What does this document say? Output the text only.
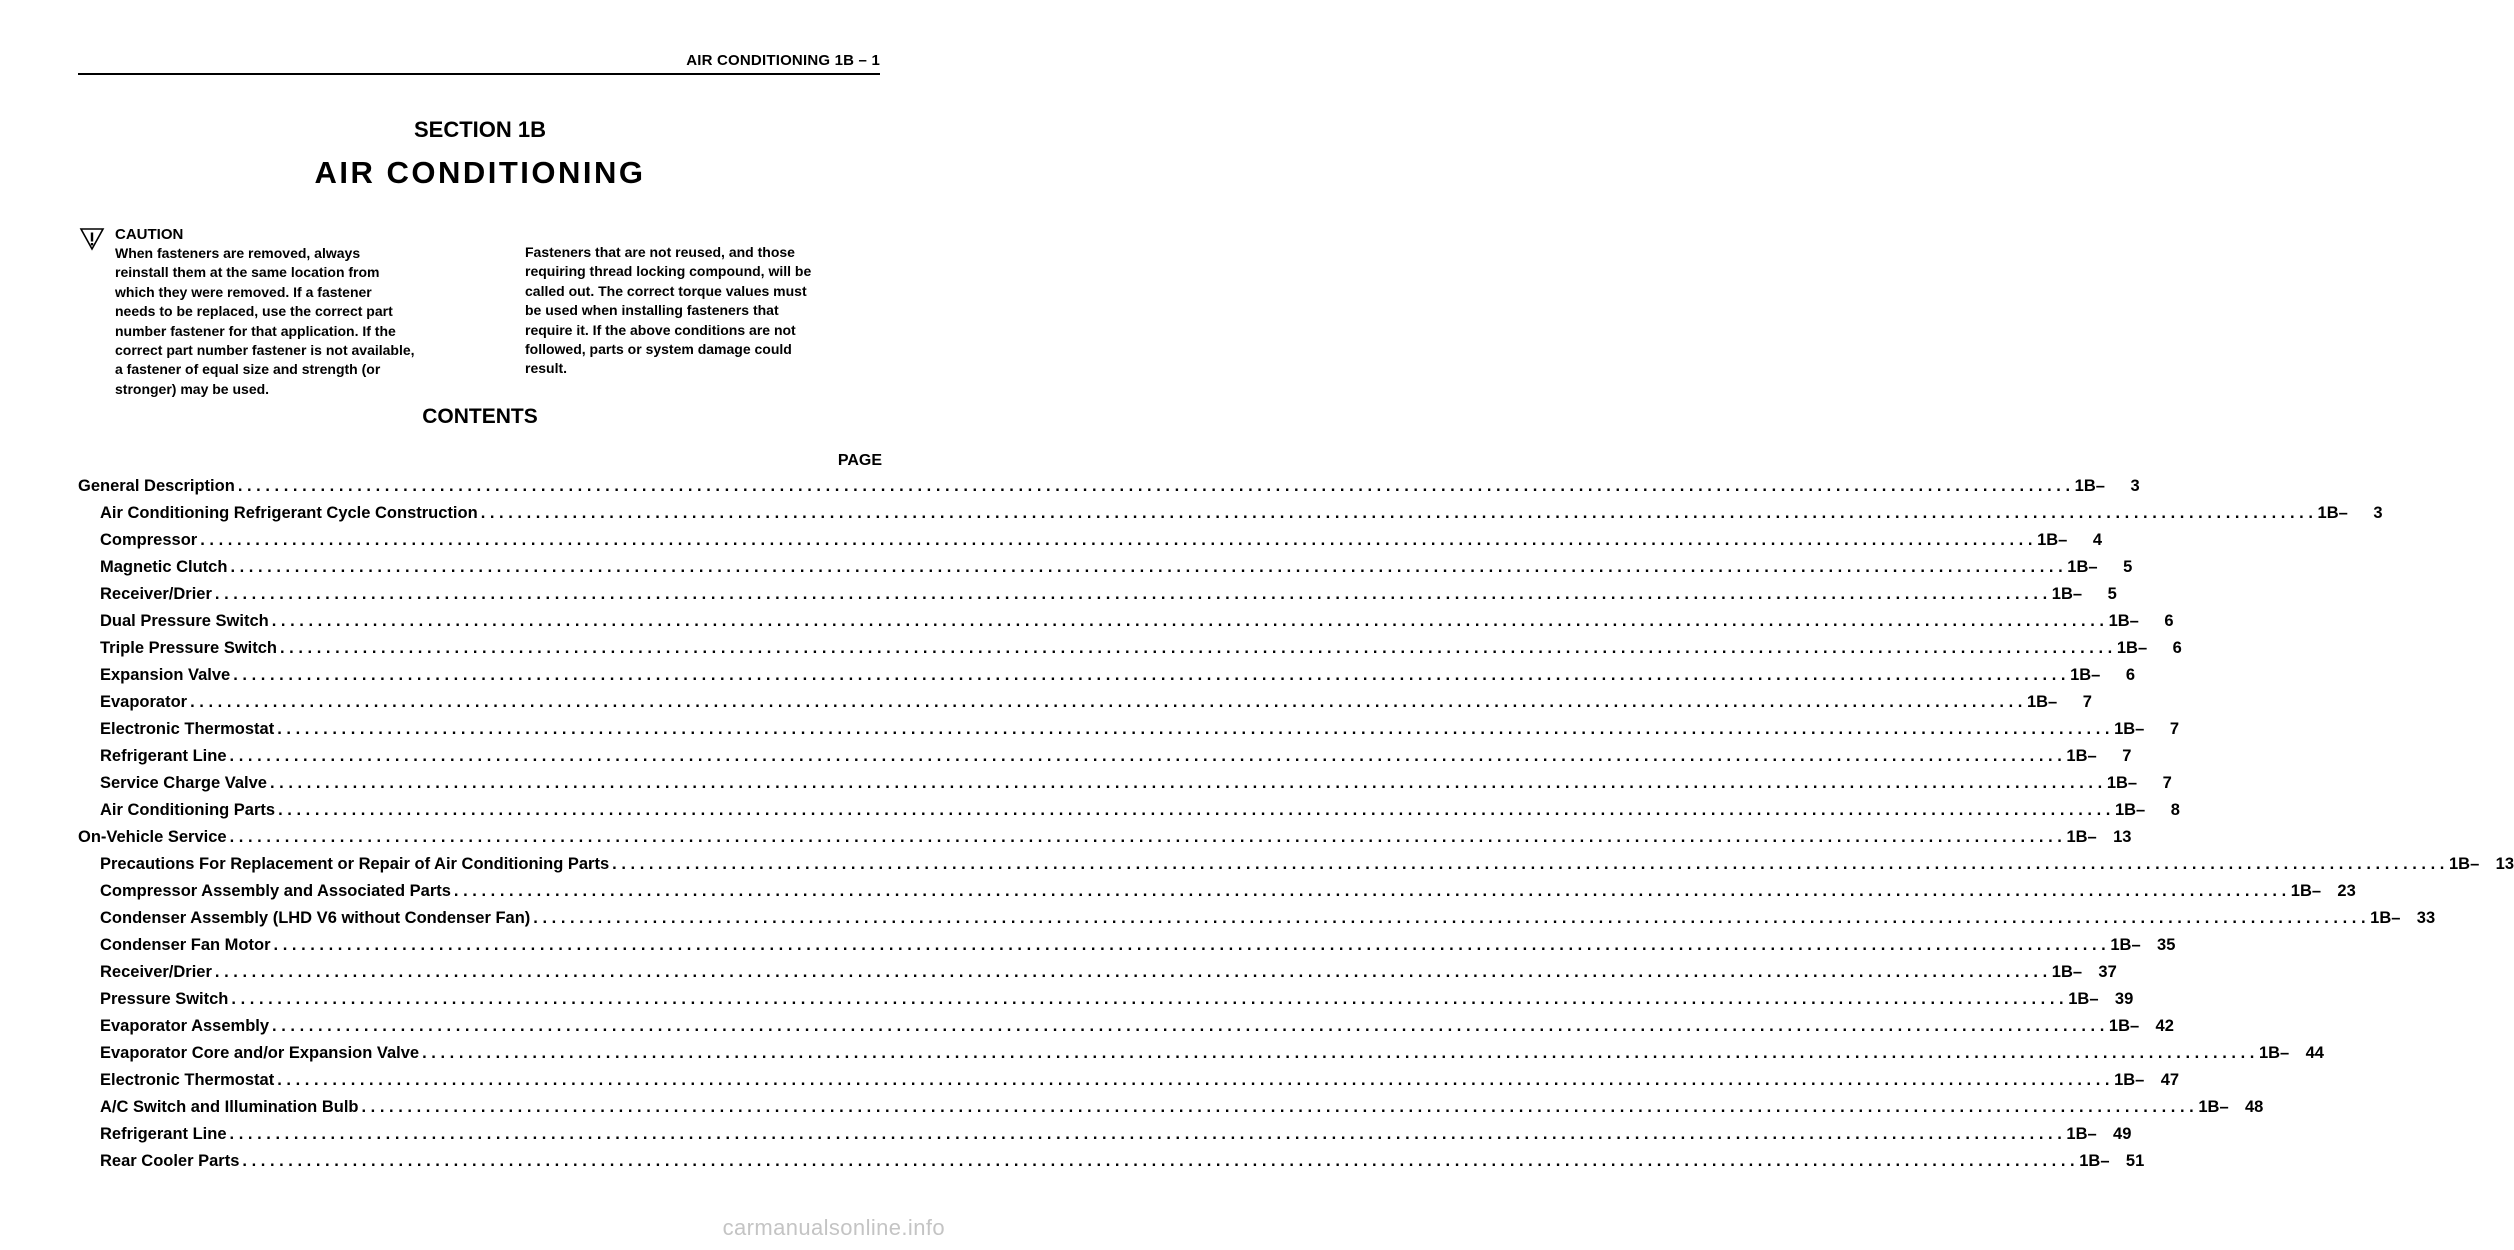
AIR CONDITIONING 1B – 1
SECTION 1B
AIR CONDITIONING
CAUTION
When fasteners are removed, always
reinstall them at the same location from
which they were removed. If a fastener
needs to be replaced, use the correct part
number fastener for that application. If the
correct part number fastener is not available,
a fastener of equal size and strength (or
stronger) may be used.
Fasteners that are not reused, and those
requiring thread locking compound, will be
called out. The correct torque values must
be used when installing fasteners that
require it. If the above conditions are not
followed, parts or system damage could
result.
CONTENTS
PAGE
General Description ........................................................................................................................................................................................................ 1B–	3
Air Conditioning Refrigerant Cycle Construction ........................................................................................................................................................................................................ 1B–	3
Compressor ........................................................................................................................................................................................................ 1B–	4
Magnetic Clutch ........................................................................................................................................................................................................ 1B–	5
Receiver/Drier ........................................................................................................................................................................................................ 1B–	5
Dual Pressure Switch ........................................................................................................................................................................................................ 1B–	6
Triple Pressure Switch ........................................................................................................................................................................................................ 1B–	6
Expansion Valve ........................................................................................................................................................................................................ 1B–	6
Evaporator ........................................................................................................................................................................................................ 1B–	7
Electronic Thermostat ........................................................................................................................................................................................................ 1B–	7
Refrigerant Line ........................................................................................................................................................................................................ 1B–	7
Service Charge Valve ........................................................................................................................................................................................................ 1B–	7
Air Conditioning Parts ........................................................................................................................................................................................................ 1B–	8
On-Vehicle Service ........................................................................................................................................................................................................ 1B– 13
Precautions For Replacement or Repair of Air Conditioning Parts ........................................................................................................................................................................................................ 1B– 13
Compressor Assembly and Associated Parts ........................................................................................................................................................................................................ 1B– 23
Condenser Assembly (LHD V6 without Condenser Fan) ........................................................................................................................................................................................................ 1B– 33
Condenser Fan Motor ........................................................................................................................................................................................................ 1B– 35
Receiver/Drier ........................................................................................................................................................................................................ 1B– 37
Pressure Switch ........................................................................................................................................................................................................ 1B– 39
Evaporator Assembly ........................................................................................................................................................................................................ 1B– 42
Evaporator Core and/or Expansion Valve ........................................................................................................................................................................................................ 1B– 44
Electronic Thermostat ........................................................................................................................................................................................................ 1B– 47
A/C Switch and Illumination Bulb ........................................................................................................................................................................................................ 1B– 48
Refrigerant Line ........................................................................................................................................................................................................ 1B– 49
Rear Cooler Parts ........................................................................................................................................................................................................ 1B– 51
carmanualsonline.info
